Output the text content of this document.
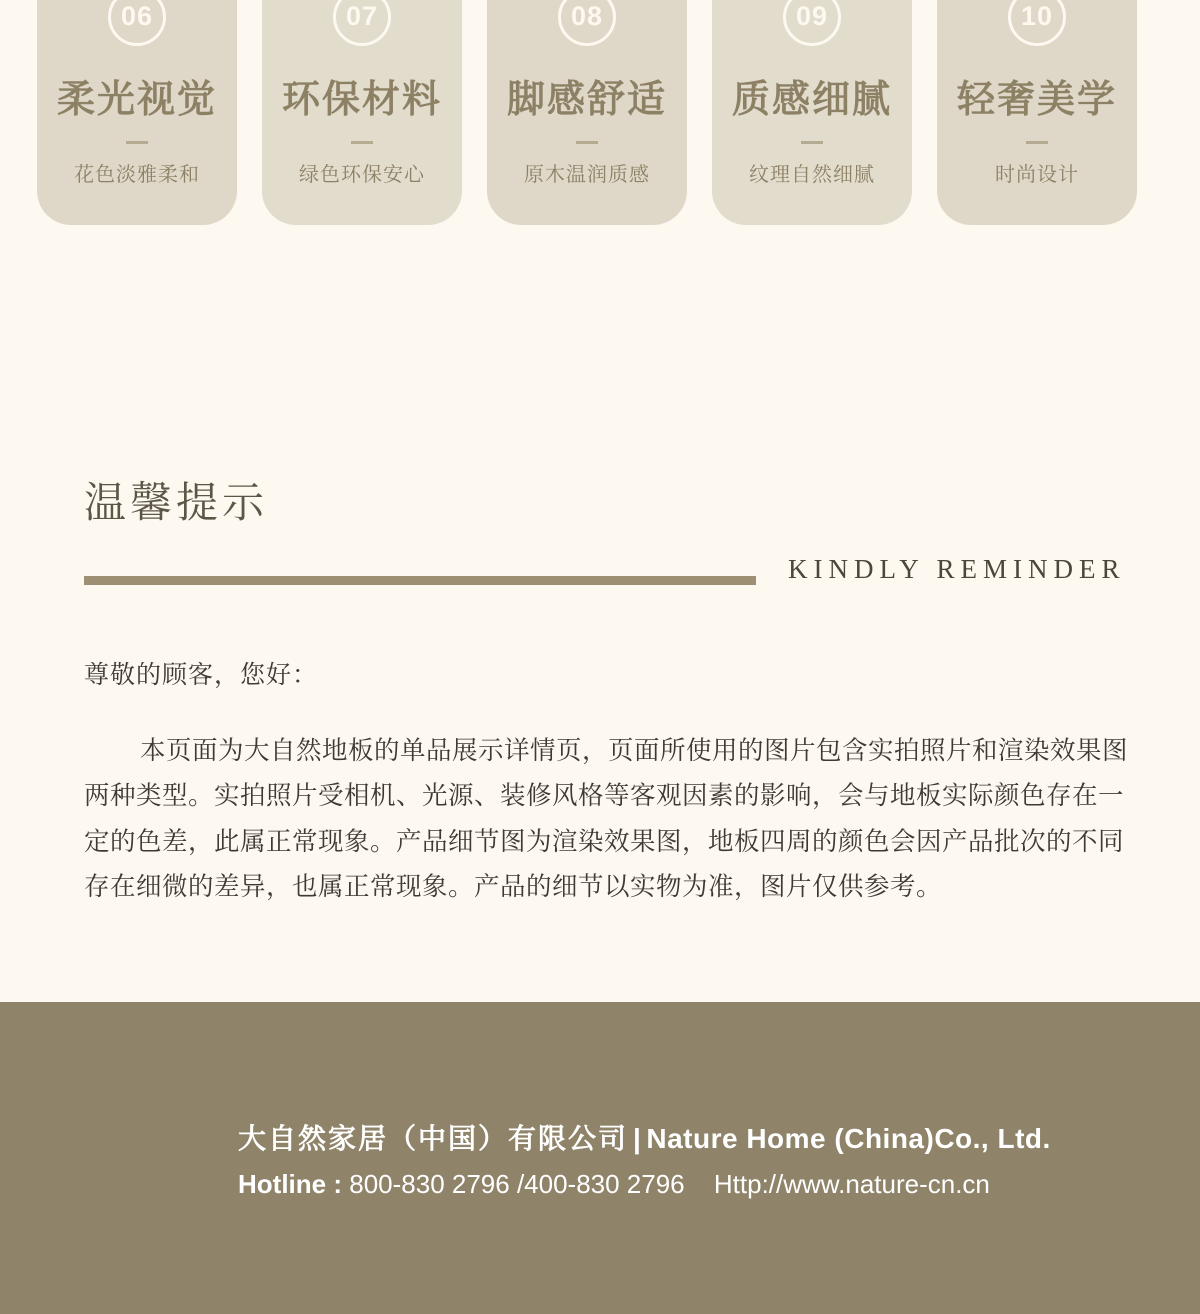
06
柔光视觉
花色淡雅柔和
07
环保材料
绿色环保安心
08
脚感舒适
原木温润质感
09
质感细腻
纹理自然细腻
10
轻奢美学
时尚设计
温馨提示
KINDLY REMINDER
尊敬的顾客，您好：

本页面为大自然地板的单品展示详情页，页面所使用的图片包含实拍照片和渲染效果图两种类型。实拍照片受相机、光源、装修风格等客观因素的影响，会与地板实际颜色存在一定的色差，此属正常现象。产品细节图为渲染效果图，地板四周的颜色会因产品批次的不同存在细微的差异，也属正常现象。产品的细节以实物为准，图片仅供参考。

大自然家居（中国）有限公司 | Nature Home (China)Co., Ltd.
Hotline : 800-830 2796 /400-830 2796 Http://www.nature-cn.cn
